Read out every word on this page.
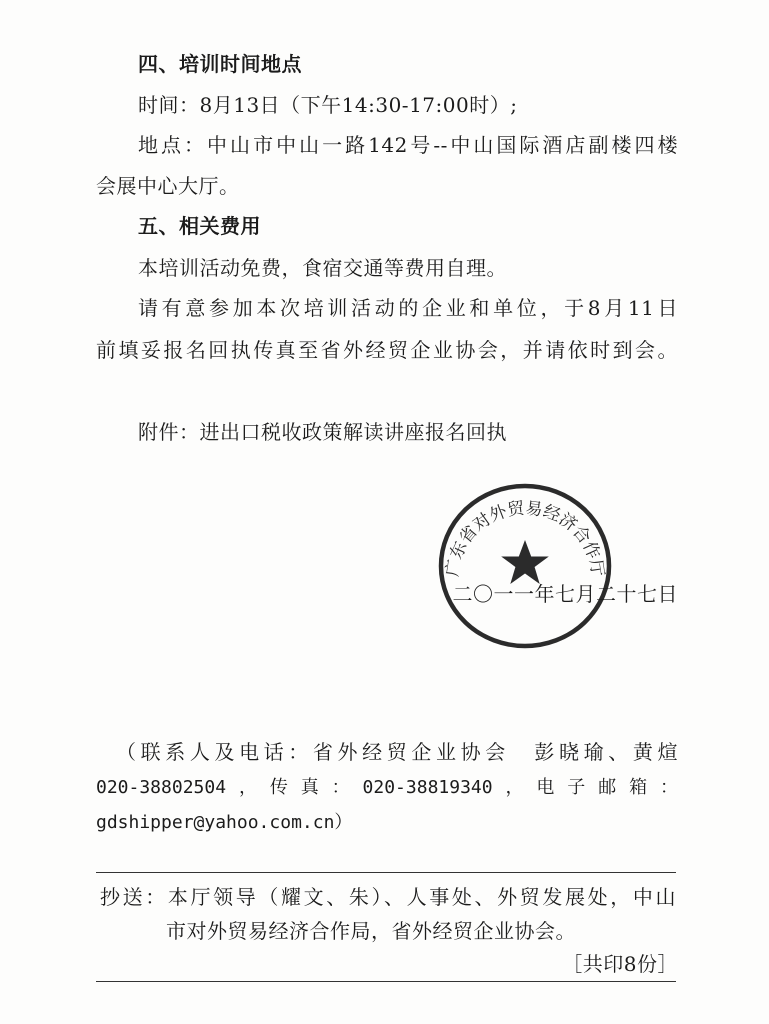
四、培训时间地点
时间：8月13日（下午14:30-17:00时）;
地点：中山市中山一路142号--中山国际酒店副楼四楼
会展中心大厅。
五、相关费用
本培训活动免费，食宿交通等费用自理。
请有意参加本次培训活动的企业和单位，于8月11日
前填妥报名回执传真至省外经贸企业协会，并请依时到会。
附件：进出口税收政策解读讲座报名回执
广东省对外贸易经济合作厅
二〇一一年七月二十七日
（联系人及电话：省外经贸企业协会　彭晓瑜、黄煊
020-38802504，传真：020-38819340，电子邮箱：
gdshipper@yahoo.com.cn）
抄送：本厅领导（耀文、朱）、人事处、外贸发展处，中山
市对外贸易经济合作局，省外经贸企业协会。
［共印8份］
